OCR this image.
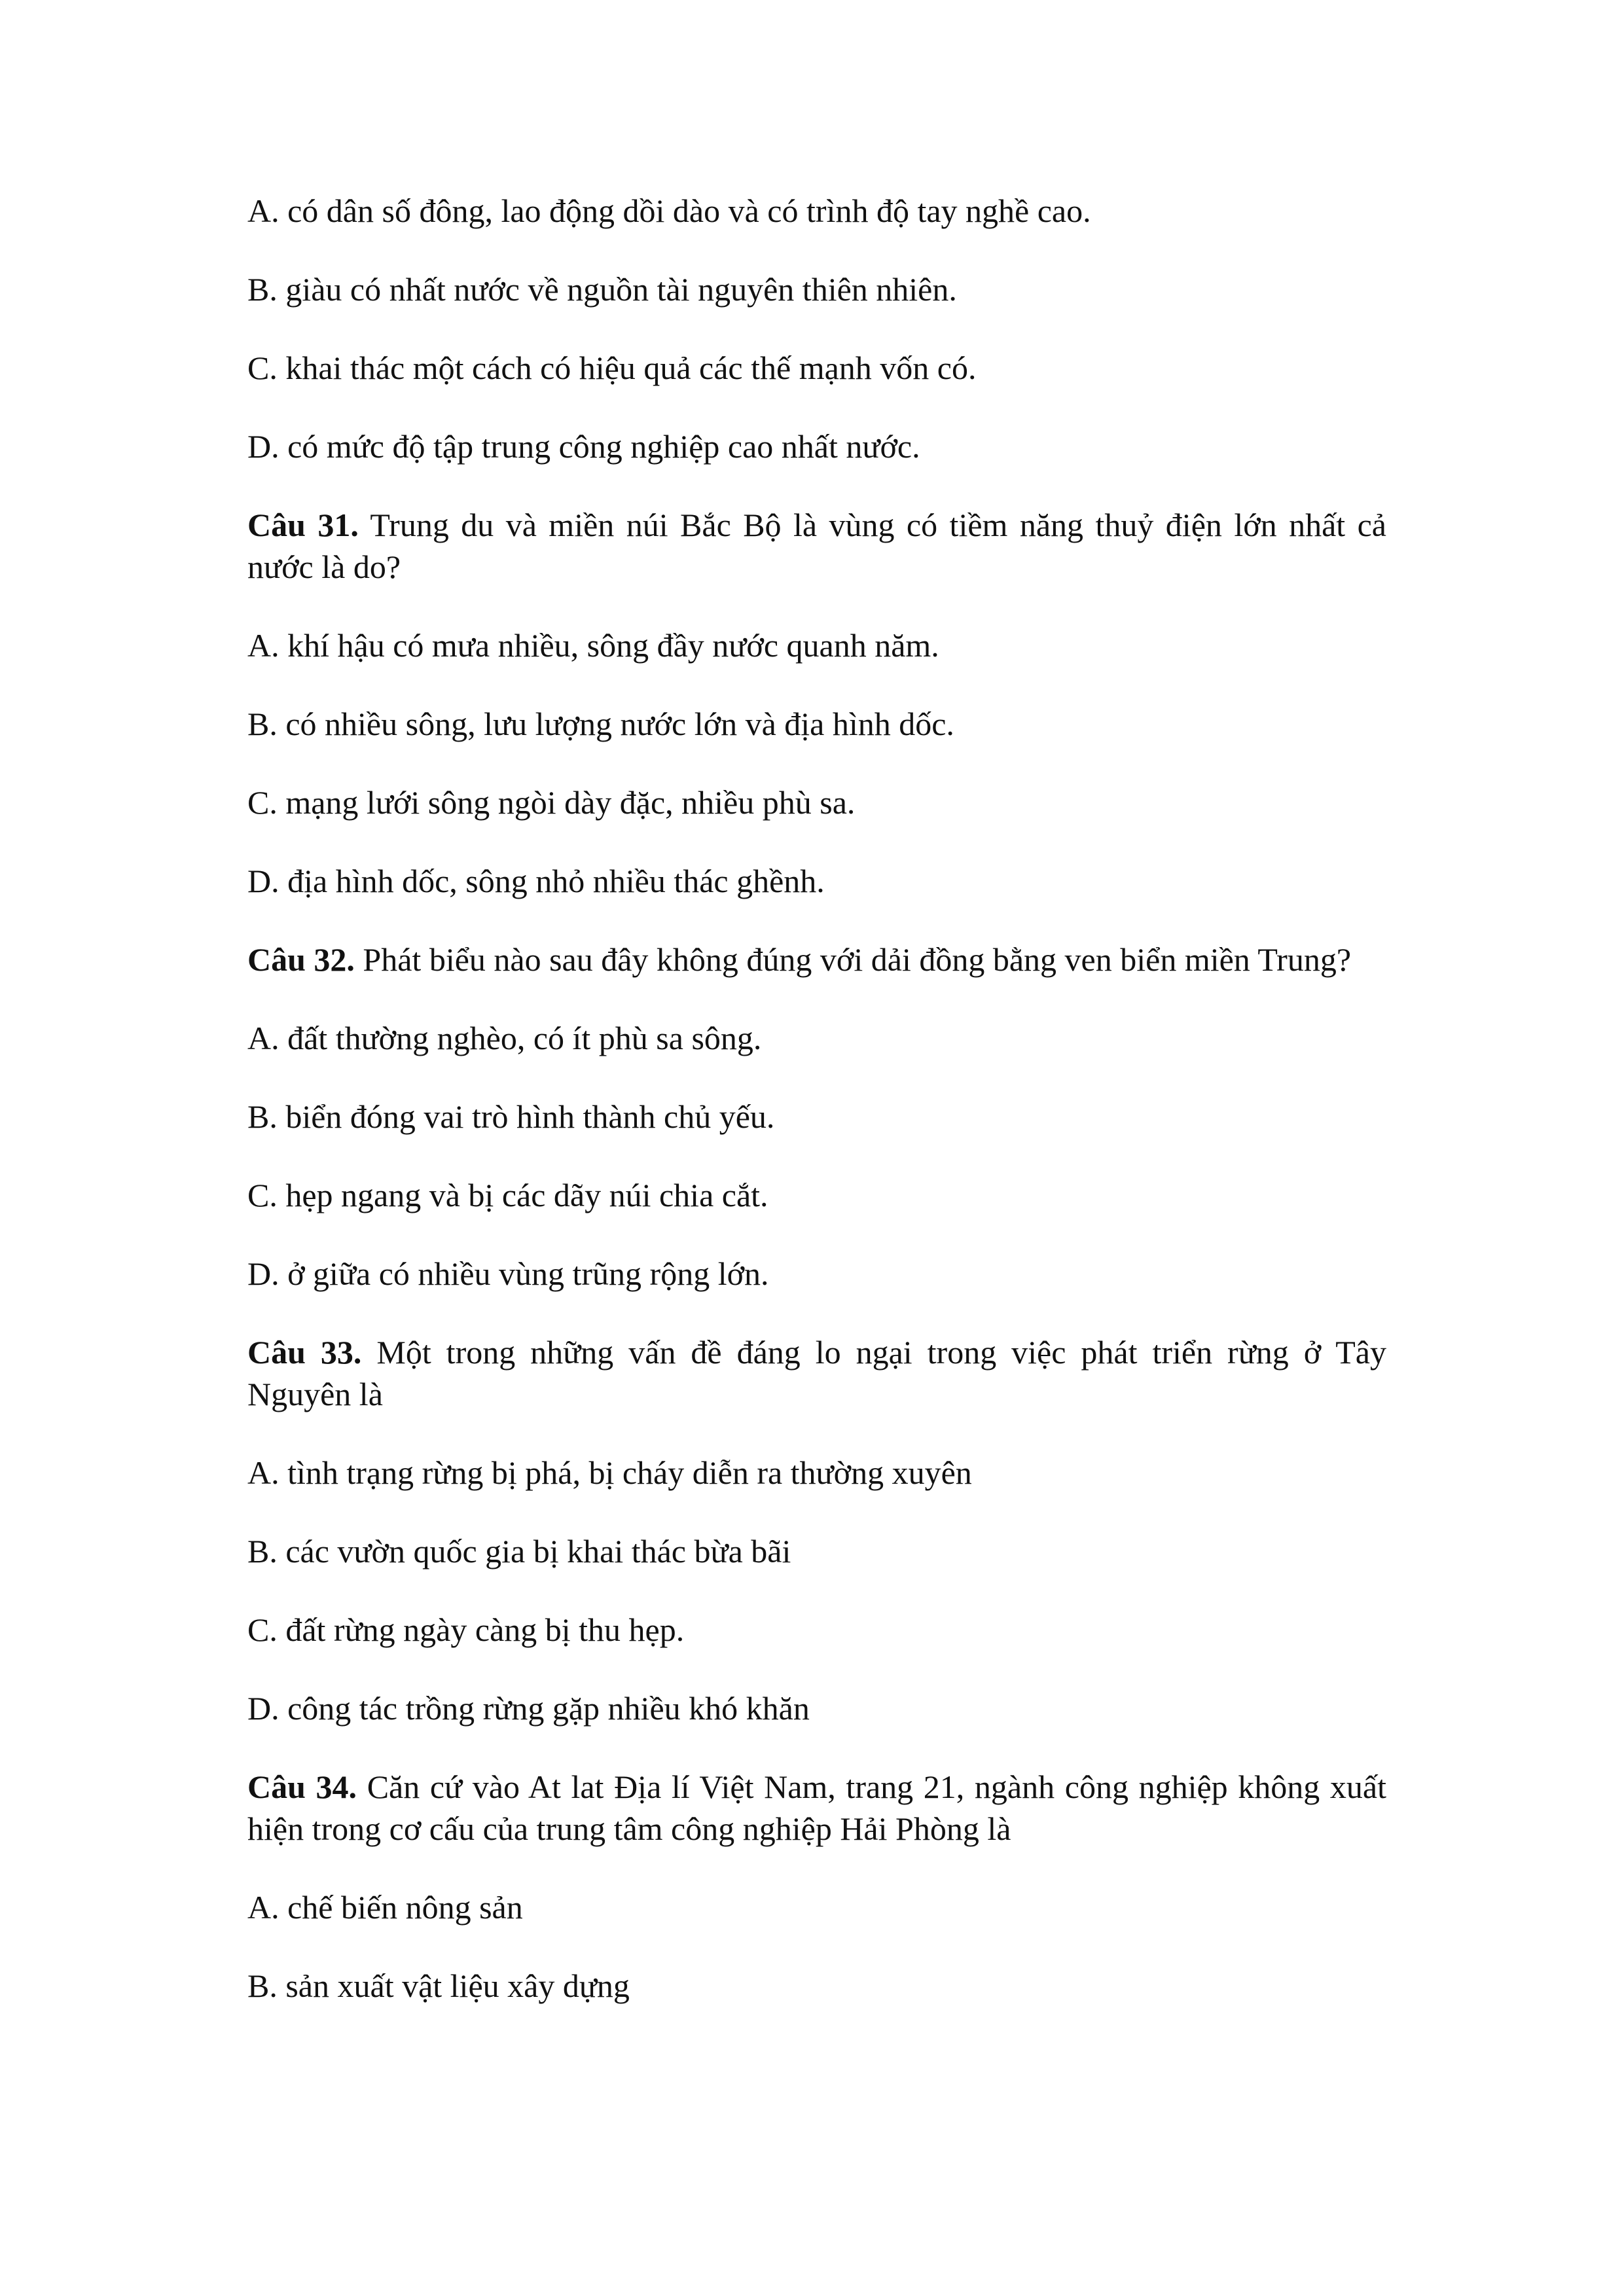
A. có dân số đông, lao động dồi dào và có trình độ tay nghề cao.

B. giàu có nhất nước về nguồn tài nguyên thiên nhiên.

C. khai thác một cách có hiệu quả các thế mạnh vốn có.

D. có mức độ tập trung công nghiệp cao nhất nước.

Câu 31. Trung du và miền núi Bắc Bộ là vùng có tiềm năng thuỷ điện lớn nhất cả nước là do?

A. khí hậu có mưa nhiều, sông đầy nước quanh năm.

B. có nhiều sông, lưu lượng nước lớn và địa hình dốc.

C. mạng lưới sông ngòi dày đặc, nhiều phù sa.

D. địa hình dốc, sông nhỏ nhiều thác ghềnh.

Câu 32. Phát biểu nào sau đây không đúng với dải đồng bằng ven biển miền Trung?

A. đất thường nghèo, có ít phù sa sông.

B. biển đóng vai trò hình thành chủ yếu.

C. hẹp ngang và bị các dãy núi chia cắt.

D. ở giữa có nhiều vùng trũng rộng lớn.

Câu 33. Một trong những vấn đề đáng lo ngại trong việc phát triển rừng ở Tây Nguyên là

A. tình trạng rừng bị phá, bị cháy diễn ra thường xuyên

B. các vườn quốc gia bị khai thác bừa bãi

C. đất rừng ngày càng bị thu hẹp.

D. công tác trồng rừng gặp nhiều khó khăn

Câu 34. Căn cứ vào At lat Địa lí Việt Nam, trang 21, ngành công nghiệp không xuất hiện trong cơ cấu của trung tâm công nghiệp Hải Phòng là

A. chế biến nông sản

B. sản xuất vật liệu xây dựng
